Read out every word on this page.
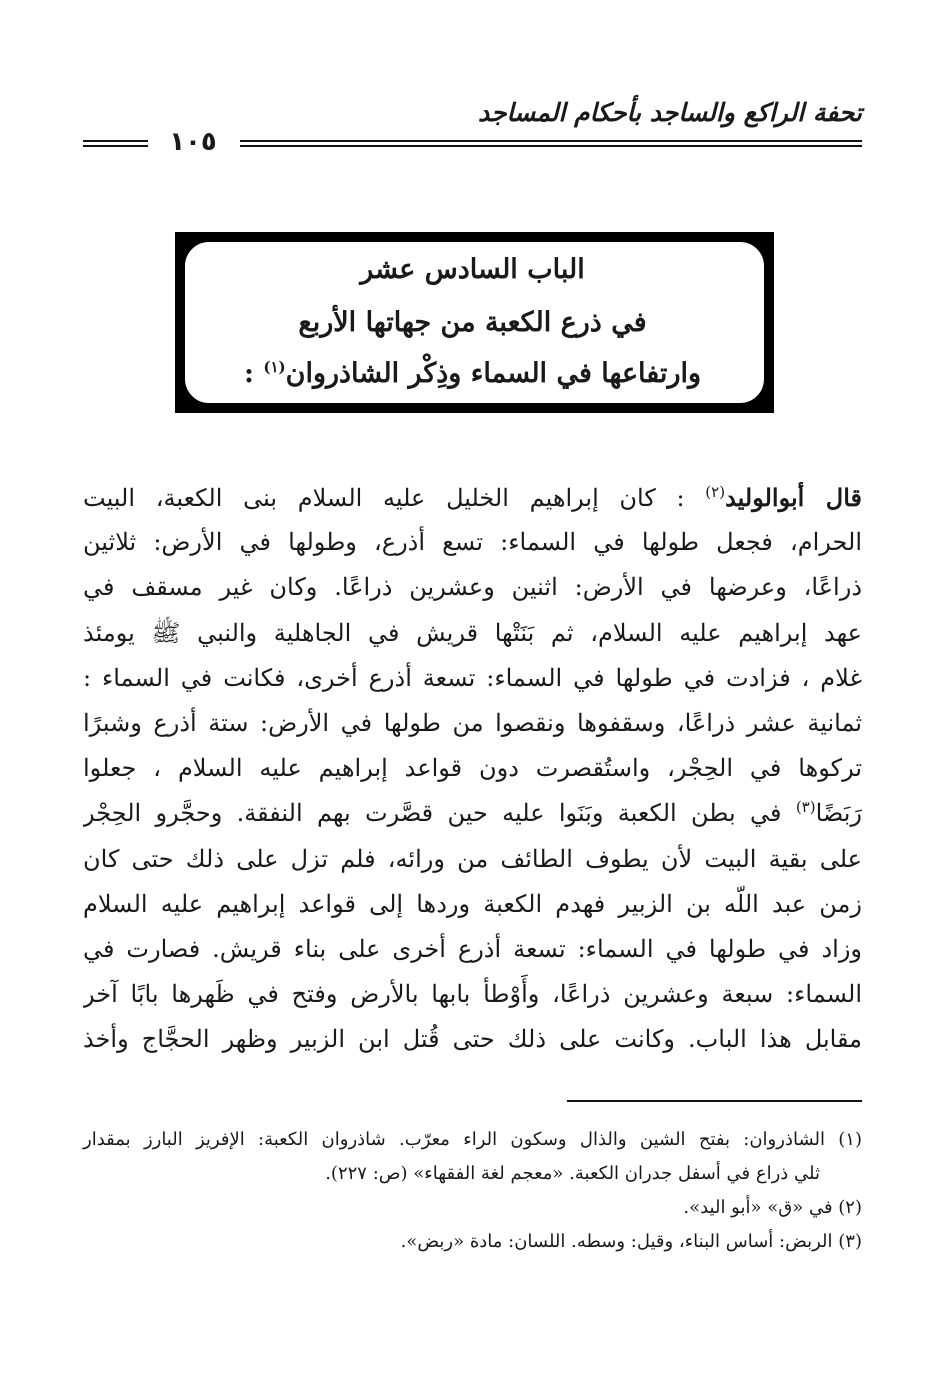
تحفة الراكع والساجد بأحكام المساجد
١٠٥
الباب السادس عشر
في ذرع الكعبة من جهاتها الأربع
وارتفاعها في السماء وذِكْر الشاذروان$^{(١)}$ :
قال أبوالوليد$^{(٢)}$ : كان إبراهيم الخليل عليه السلام بنى الكعبة، البيت
الحرام، فجعل طولها في السماء: تسع أذرع، وطولها في الأرض: ثلاثين
ذراعًا، وعرضها في الأرض: اثنين وعشرين ذراعًا. وكان غير مسقف في
عهد إبراهيم عليه السلام، ثم بَنَتْها قريش في الجاهلية والنبي ﷺ يومئذ
غلام ، فزادت في طولها في السماء: تسعة أذرع أخرى، فكانت في السماء :
ثمانية عشر ذراعًا، وسقفوها ونقصوا من طولها في الأرض: ستة أذرع وشبرًا
تركوها في الحِجْر، واستُقصرت دون قواعد إبراهيم عليه السلام ، جعلوا
رَبَضًا$^{(٣)}$ في بطن الكعبة وبَنَوا عليه حين قصَّرت بهم النفقة. وحجَّرو الحِجْر
على بقية البيت لأن يطوف الطائف من ورائه، فلم تزل على ذلك حتى كان
زمن عبد اللّه بن الزبير فهدم الكعبة وردها إلى قواعد إبراهيم عليه السلام
وزاد في طولها في السماء: تسعة أذرع أخرى على بناء قريش. فصارت في
السماء: سبعة وعشرين ذراعًا، وأَوْطأ بابها بالأرض وفتح في ظَهرها بابًا آخر
مقابل هذا الباب. وكانت على ذلك حتى قُتل ابن الزبير وظهر الحجَّاج وأخذ
(١) الشاذروان: بفتح الشين والذال وسكون الراء معرّب. شاذروان الكعبة: الإفريز البارز بمقدار
ثلي ذراع في أسفل جدران الكعبة. «معجم لغة الفقهاء» (ص: ٢٢٧).
(٢) في «ق» «أبو اليد».
(٣) الربض: أساس البناء، وقيل: وسطه. اللسان: مادة «ربض».
